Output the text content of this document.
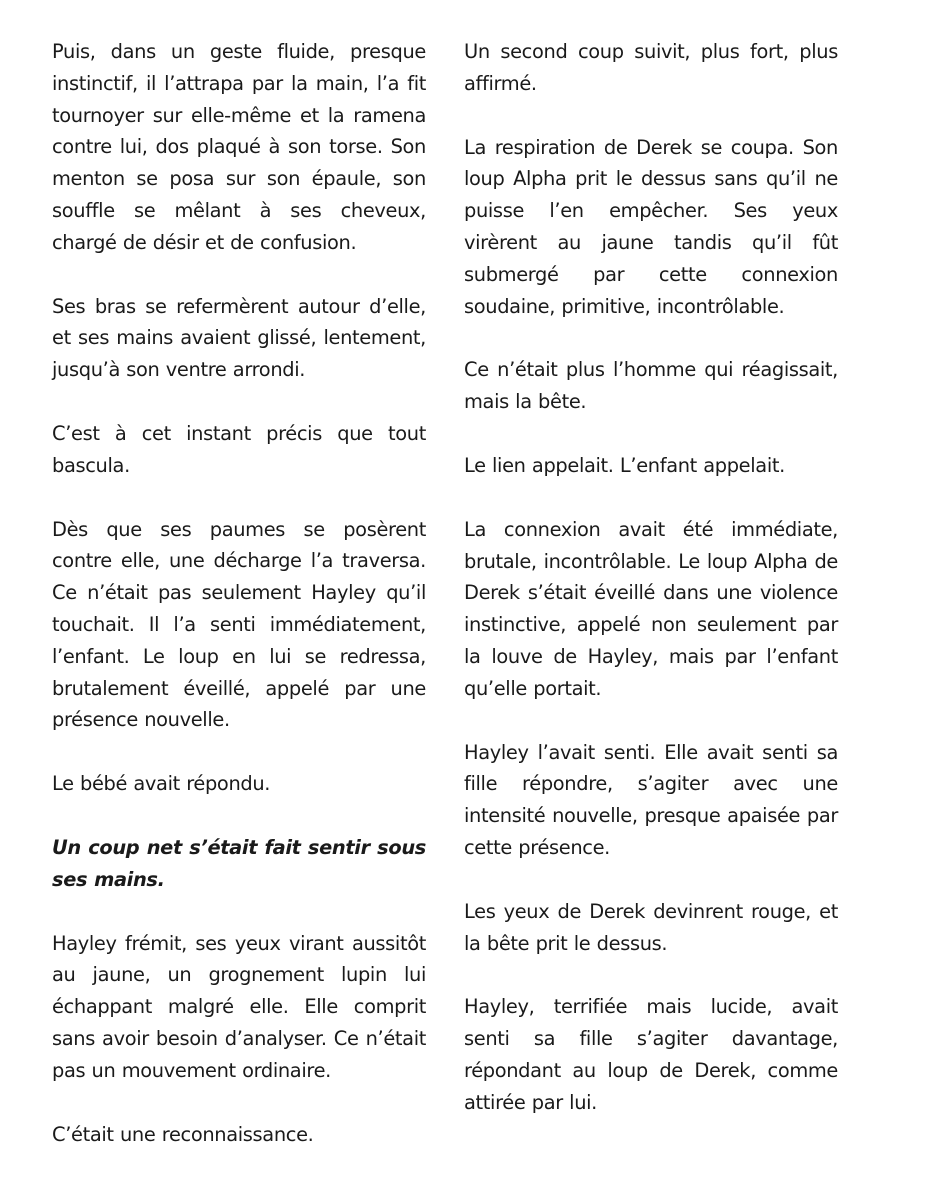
Puis, dans un geste fluide, presque instinctif, il l’attrapa par la main, l’a fit tournoyer sur elle-même et la ramena contre lui, dos plaqué à son torse. Son menton se posa sur son épaule, son souffle se mêlant à ses cheveux, chargé de désir et de confusion.

Ses bras se refermèrent autour d’elle, et ses mains avaient glissé, lentement, jusqu’à son ventre arrondi.

C’est à cet instant précis que tout bascula.

Dès que ses paumes se posèrent contre elle, une décharge l’a traversa. Ce n’était pas seulement Hayley qu’il touchait. Il l’a senti immédiatement, l’enfant. Le loup en lui se redressa, brutalement éveillé, appelé par une présence nouvelle.

Le bébé avait répondu.

Un coup net s’était fait sentir sous ses mains.

Hayley frémit, ses yeux virant aussitôt au jaune, un grognement lupin lui échappant malgré elle. Elle comprit sans avoir besoin d’analyser. Ce n’était pas un mouvement ordinaire.

C’était une reconnaissance.

Un second coup suivit, plus fort, plus affirmé.

La respiration de Derek se coupa. Son loup Alpha prit le dessus sans qu’il ne puisse l’en empêcher. Ses yeux virèrent au jaune tandis qu’il fût submergé par cette connexion soudaine, primitive, incontrôlable.

Ce n’était plus l’homme qui réagissait, mais la bête.

Le lien appelait. L’enfant appelait.

La connexion avait été immédiate, brutale, incontrôlable. Le loup Alpha de Derek s’était éveillé dans une violence instinctive, appelé non seulement par la louve de Hayley, mais par l’enfant qu’elle portait.

Hayley l’avait senti. Elle avait senti sa fille répondre, s’agiter avec une intensité nouvelle, presque apaisée par cette présence.

Les yeux de Derek devinrent rouge, et la bête prit le dessus.

Hayley, terrifiée mais lucide, avait senti sa fille s’agiter davantage, répondant au loup de Derek, comme attirée par lui.
